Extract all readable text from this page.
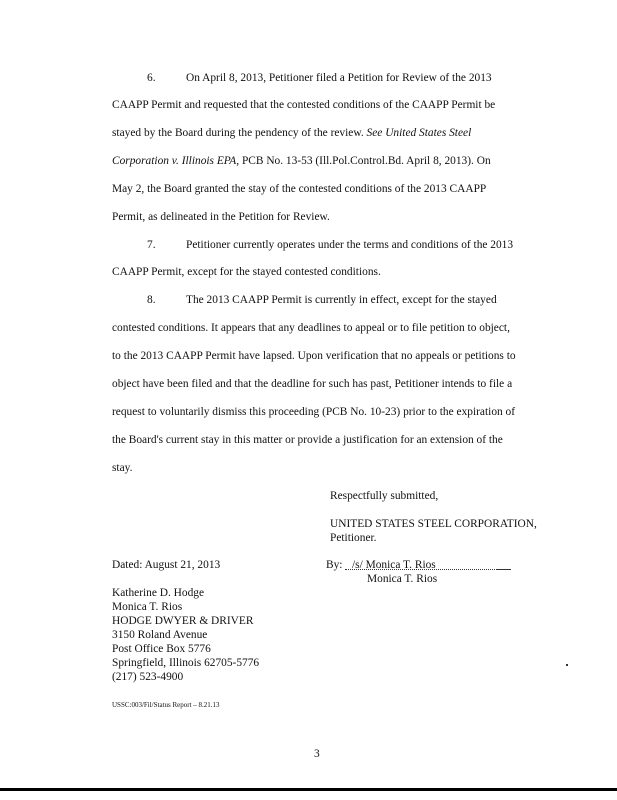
6.	On April 8, 2013, Petitioner filed a Petition for Review of the 2013
CAAPP Permit and requested that the contested conditions of the CAAPP Permit be
stayed by the Board during the pendency of the review. See United States Steel
Corporation v. Illinois EPA, PCB No. 13-53 (Ill.Pol.Control.Bd. April 8, 2013). On
May 2, the Board granted the stay of the contested conditions of the 2013 CAAPP
Permit, as delineated in the Petition for Review.
7.	Petitioner currently operates under the terms and conditions of the 2013
CAAPP Permit, except for the stayed contested conditions.
8.	The 2013 CAAPP Permit is currently in effect, except for the stayed
contested conditions. It appears that any deadlines to appeal or to file petition to object,
to the 2013 CAAPP Permit have lapsed. Upon verification that no appeals or petitions to
object have been filed and that the deadline for such has past, Petitioner intends to file a
request to voluntarily dismiss this proceeding (PCB No. 10-23) prior to the expiration of
the Board's current stay in this matter or provide a justification for an extension of the
stay.
Respectfully submitted,
UNITED STATES STEEL CORPORATION,
Petitioner.
Dated: August 21, 2013	By: /s/ Monica T. Rios
Monica T. Rios
Katherine D. Hodge
Monica T. Rios
HODGE DWYER & DRIVER
3150 Roland Avenue
Post Office Box 5776
Springfield, Illinois 62705-5776
(217) 523-4900
USSC:003/Fil/Status Report – 8.21.13
3
